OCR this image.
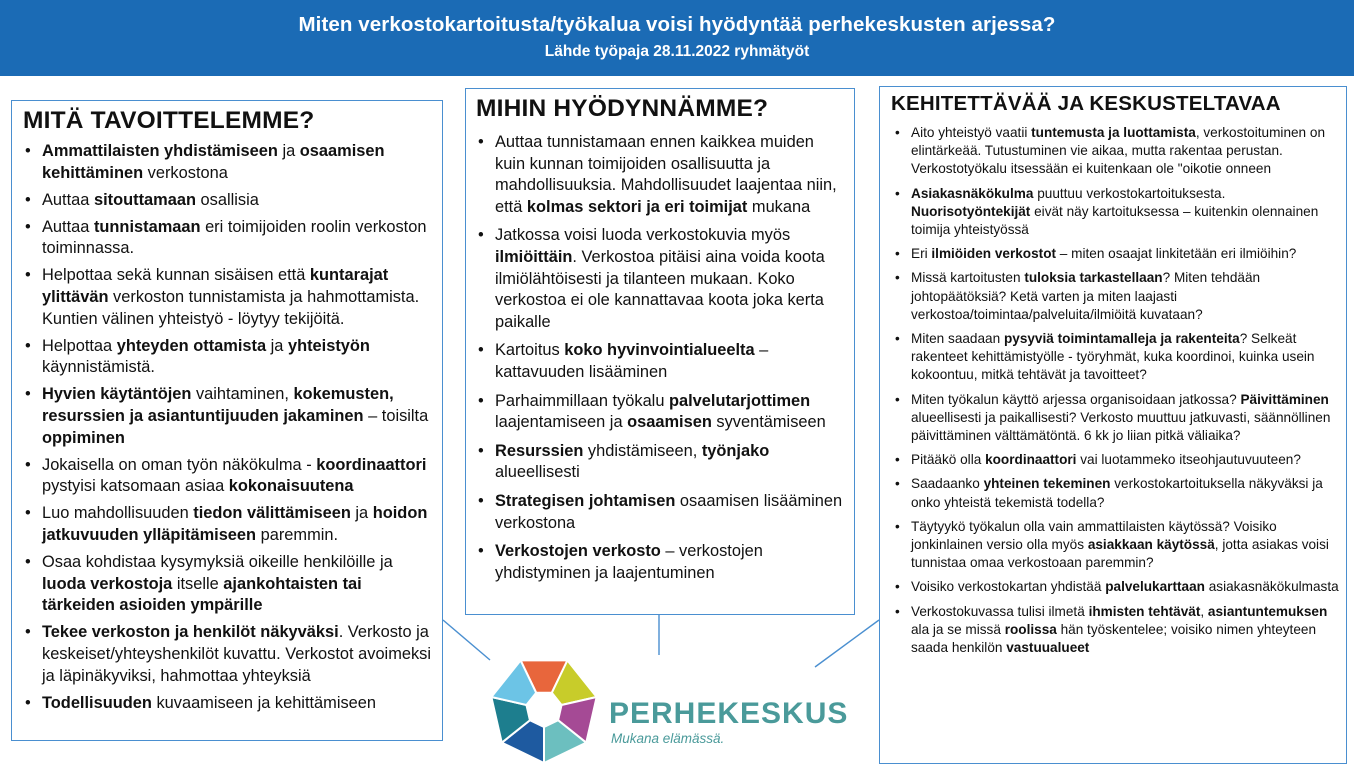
Miten verkostokartoitusta/työkalua voisi hyödyntää perhekeskusten arjessa?
Lähde työpaja 28.11.2022 ryhmätyöt
MITÄ TAVOITTELEMME?
• Ammattilaisten yhdistämiseen ja osaamisen kehittäminen verkostona
• Auttaa sitouttamaan osallisia
• Auttaa tunnistamaan eri toimijoiden roolin verkoston toiminnassa.
• Helpottaa sekä kunnan sisäisen että kuntarajat ylittävän verkoston tunnistamista ja hahmottamista. Kuntien välinen yhteistyö - löytyy tekijöitä.
• Helpottaa yhteyden ottamista ja yhteistyön käynnistämistä.
• Hyvien käytäntöjen vaihtaminen, kokemusten, resurssien ja asiantuntijuuden jakaminen – toisilta oppiminen
• Jokaisella on oman työn näkökulma - koordinaattori pystyisi katsomaan asiaa kokonaisuutena
• Luo mahdollisuuden tiedon välittämiseen ja hoidon jatkuvuuden ylläpitämiseen paremmin.
• Osaa kohdistaa kysymyksiä oikeille henkilöille ja luoda verkostoja itselle ajankohtaisten tai tärkeiden asioiden ympärille
• Tekee verkoston ja henkilöt näkyväksi. Verkosto ja keskeiset/yhteyshenkilöt kuvattu. Verkostot avoimeksi ja läpinäkyviksi, hahmottaa yhteyksiä
• Todellisuuden kuvaamiseen ja kehittämiseen
MIHIN HYÖDYNNÄMME?
• Auttaa tunnistamaan ennen kaikkea muiden kuin kunnan toimijoiden osallisuutta ja mahdollisuuksia. Mahdollisuudet laajentaa niin, että kolmas sektori ja eri toimijat mukana
• Jatkossa voisi luoda verkostokuvia myös ilmiöittäin. Verkostoa pitäisi aina voida koota ilmiölähtöisesti ja tilanteen mukaan. Koko verkostoa ei ole kannattavaa koota joka kerta paikalle
• Kartoitus koko hyvinvointialueelta – kattavuuden lisääminen
• Parhaimmillaan työkalu palvelutarjottimen laajentamiseen ja osaamisen syventämiseen
• Resurssien yhdistämiseen, työnjako alueellisesti
• Strategisen johtamisen osaamisen lisääminen verkostona
• Verkostojen verkosto – verkostojen yhdistyminen ja laajentuminen
KEHITETTÄVÄÄ JA KESKUSTELTAVAA
• Aito yhteistyö vaatii tuntemusta ja luottamista, verkostoituminen on elintärkeää. Tutustuminen vie aikaa, mutta rakentaa perustan. Verkostotyökalu itsessään ei kuitenkaan ole "oikotie onneen
• Asiakasnäkökulma puuttuu verkostokartoituksesta. Nuorisotyöntekijät eivät näy kartoituksessa – kuitenkin olennainen toimija yhteistyössä
• Eri ilmiöiden verkostot – miten osaajat linkitetään eri ilmiöihin?
• Missä kartoitusten tuloksia tarkastellaan? Miten tehdään johtopäätöksiä? Ketä varten ja miten laajasti verkostoa/toimintaa/palveluita/ilmiöitä kuvataan?
• Miten saadaan pysyviä toimintamalleja ja rakenteita? Selkeät rakenteet kehittämistyölle - työryhmät, kuka koordinoi, kuinka usein kokoontuu, mitkä tehtävät ja tavoitteet?
• Miten työkalun käyttö arjessa organisoidaan jatkossa? Päivittäminen alueellisesti ja paikallisesti? Verkosto muuttuu jatkuvasti, säännöllinen päivittäminen välttämätöntä. 6 kk jo liian pitkä väliaika?
• Pitääkö olla koordinaattori vai luotammeko itseohjautuvuuteen?
• Saadaanko yhteinen tekeminen verkostokartoituksella näkyväksi ja onko yhteistä tekemistä todella?
• Täytyykö työkalun olla vain ammattilaisten käytössä? Voisiko jonkinlainen versio olla myös asiakkaan käytössä, jotta asiakas voisi tunnistaa omaa verkostoaan paremmin?
• Voisiko verkostokartan yhdistää palvelukarttaan asiakasnäkökulmasta
• Verkostokuvassa tulisi ilmetä ihmisten tehtävät, asiantuntemuksen ala ja se missä roolissa hän työskentelee; voisiko nimen yhteyteen saada henkilön vastuualueet
PERHEKESKUS
Mukana elämässä.
